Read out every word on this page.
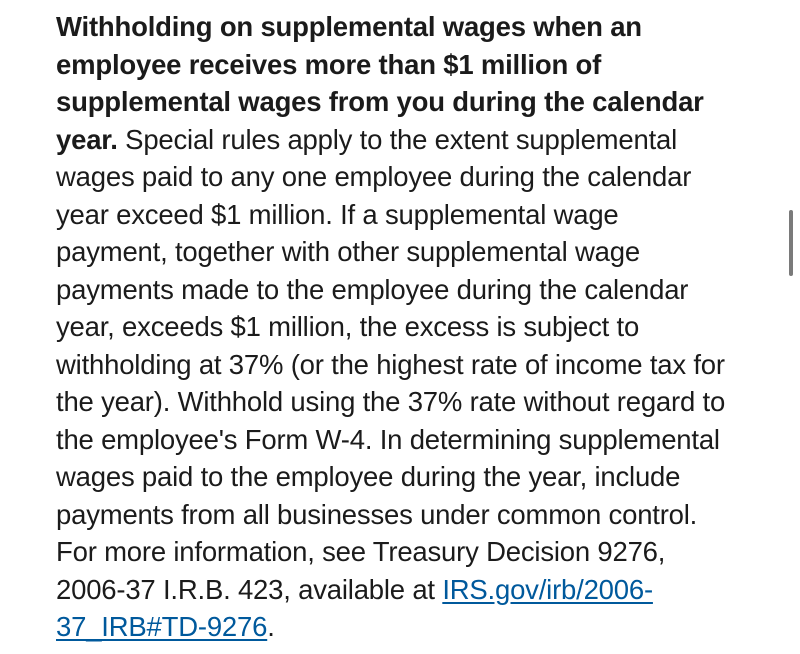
Withholding on supplemental wages when an employee receives more than $1 million of supplemental wages from you during the calendar year. Special rules apply to the extent supplemental wages paid to any one employee during the calendar year exceed $1 million. If a supplemental wage payment, together with other supplemental wage payments made to the employee during the calendar year, exceeds $1 million, the excess is subject to withholding at 37% (or the highest rate of income tax for the year). Withhold using the 37% rate without regard to the employee's Form W-4. In determining supplemental wages paid to the employee during the year, include payments from all businesses under common control. For more information, see Treasury Decision 9276, 2006-37 I.R.B. 423, available at IRS.gov/irb/2006-37_IRB#TD-9276.
